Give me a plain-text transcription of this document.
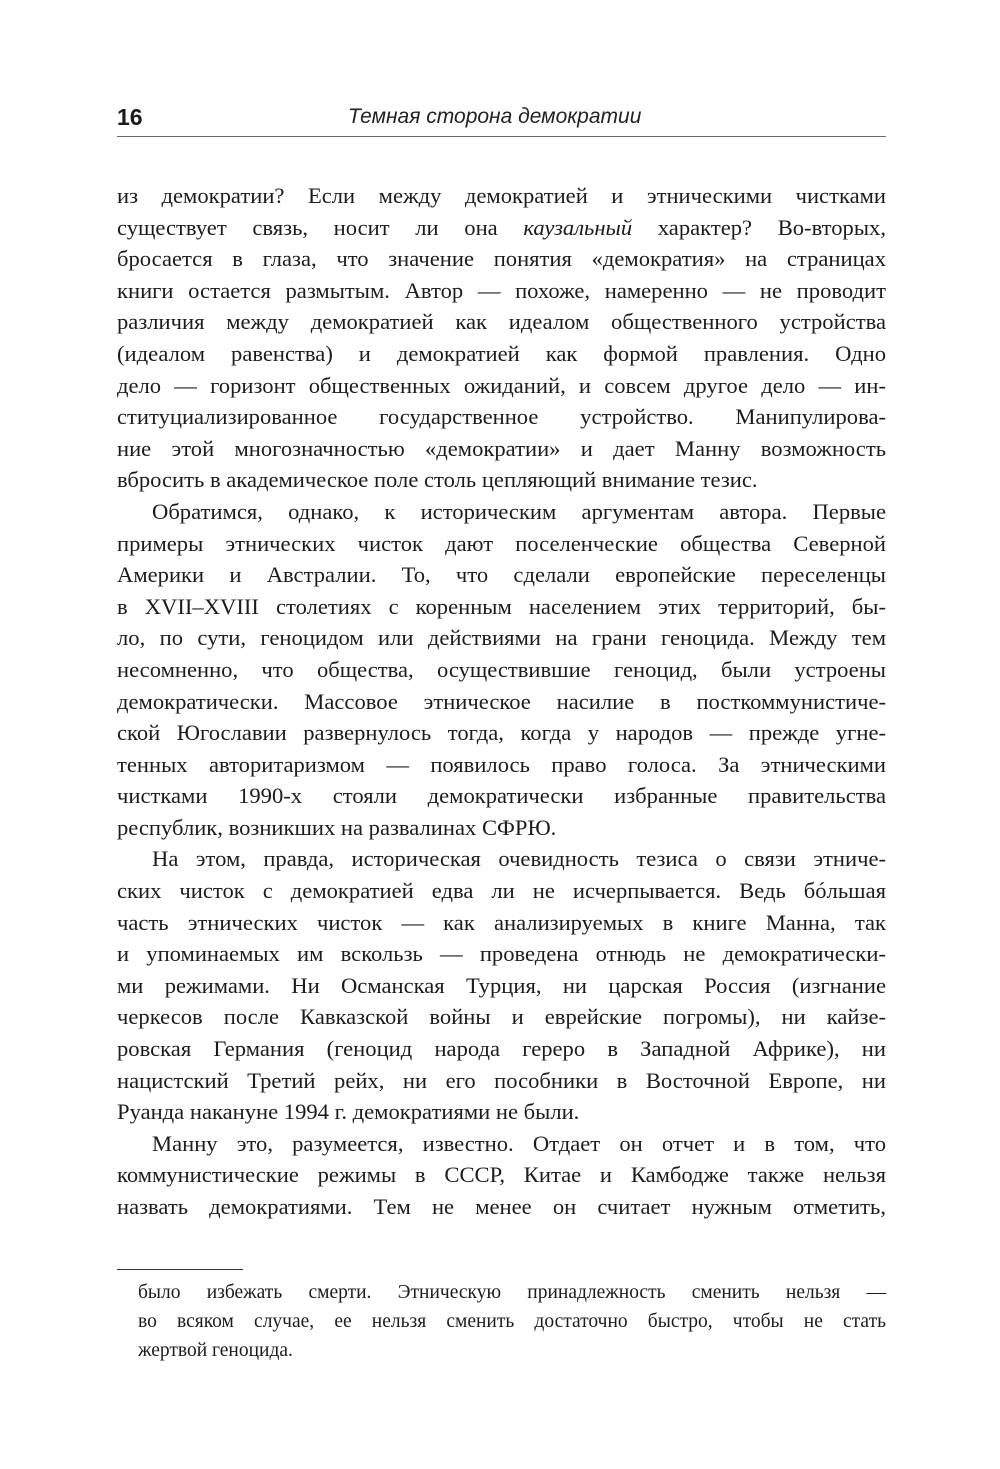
16	Темная сторона демократии
из демократии? Если между демократией и этническими чистками
существует связь, носит ли она каузальный характер? Во-вторых,
бросается в глаза, что значение понятия «демократия» на страницах
книги остается размытым. Автор — похоже, намеренно — не проводит
различия между демократией как идеалом общественного устройства
(идеалом равенства) и демократией как формой правления. Одно
дело — горизонт общественных ожиданий, и совсем другое дело — ин-
ституциализированное государственное устройство. Манипулирова-
ние этой многозначностью «демократии» и дает Манну возможность
вбросить в академическое поле столь цепляющий внимание тезис.
Обратимся, однако, к историческим аргументам автора. Первые
примеры этнических чисток дают поселенческие общества Северной
Америки и Австралии. То, что сделали европейские переселенцы
в XVII–XVIII столетиях с коренным населением этих территорий, бы-
ло, по сути, геноцидом или действиями на грани геноцида. Между тем
несомненно, что общества, осуществившие геноцид, были устроены
демократически. Массовое этническое насилие в посткоммунистиче-
ской Югославии развернулось тогда, когда у народов — прежде угне-
тенных авторитаризмом — появилось право голоса. За этническими
чистками 1990-х стояли демократически избранные правительства
республик, возникших на развалинах СФРЮ.
На этом, правда, историческая очевидность тезиса о связи этниче-
ских чисток с демократией едва ли не исчерпывается. Ведь бóльшая
часть этнических чисток — как анализируемых в книге Манна, так
и упоминаемых им вскользь — проведена отнюдь не демократически-
ми режимами. Ни Османская Турция, ни царская Россия (изгнание
черкесов после Кавказской войны и еврейские погромы), ни кайзе-
ровская Германия (геноцид народа гереро в Западной Африке), ни
нацистский Третий рейх, ни его пособники в Восточной Европе, ни
Руанда накануне 1994 г. демократиями не были.
Манну это, разумеется, известно. Отдает он отчет и в том, что
коммунистические режимы в СССР, Китае и Камбодже также нельзя
назвать демократиями. Тем не менее он считает нужным отметить,
было избежать смерти. Этническую принадлежность сменить нельзя —
во всяком случае, ее нельзя сменить достаточно быстро, чтобы не стать
жертвой геноцида.
